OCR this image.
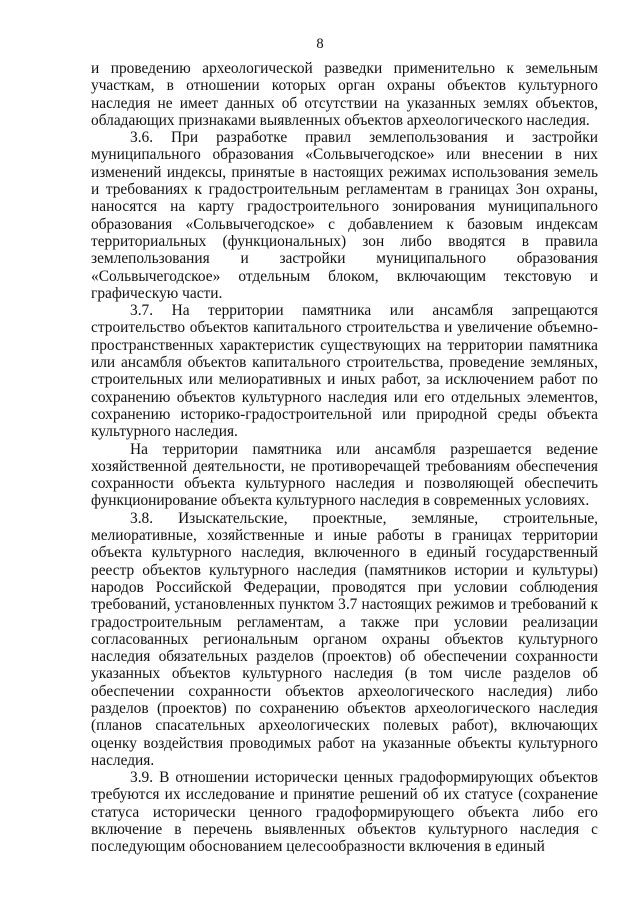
8

и проведению археологической разведки применительно к земельным участкам, в отношении которых орган охраны объектов культурного наследия не имеет данных об отсутствии на указанных землях объектов, обладающих признаками выявленных объектов археологического наследия.

3.6. При разработке правил землепользования и застройки муниципального образования «Сольвычегодское» или внесении в них изменений индексы, принятые в настоящих режимах использования земель и требованиях к градостроительным регламентам в границах Зон охраны, наносятся на карту градостроительного зонирования муниципального образования «Сольвычегодское» с добавлением к базовым индексам территориальных (функциональных) зон либо вводятся в правила землепользования и застройки муниципального образования «Сольвычегодское» отдельным блоком, включающим текстовую и графическую части.

3.7. На территории памятника или ансамбля запрещаются строительство объектов капитального строительства и увеличение объемно-пространственных характеристик существующих на территории памятника или ансамбля объектов капитального строительства, проведение земляных, строительных или мелиоративных и иных работ, за исключением работ по сохранению объектов культурного наследия или его отдельных элементов, сохранению историко-градостроительной или природной среды объекта культурного наследия.

На территории памятника или ансамбля разрешается ведение хозяйственной деятельности, не противоречащей требованиям обеспечения сохранности объекта культурного наследия и позволяющей обеспечить функционирование объекта культурного наследия в современных условиях.

3.8. Изыскательские, проектные, земляные, строительные, мелиоративные, хозяйственные и иные работы в границах территории объекта культурного наследия, включенного в единый государственный реестр объектов культурного наследия (памятников истории и культуры) народов Российской Федерации, проводятся при условии соблюдения требований, установленных пунктом 3.7 настоящих режимов и требований к градостроительным регламентам, а также при условии реализации согласованных региональным органом охраны объектов культурного наследия обязательных разделов (проектов) об обеспечении сохранности указанных объектов культурного наследия (в том числе разделов об обеспечении сохранности объектов археологического наследия) либо разделов (проектов) по сохранению объектов археологического наследия (планов спасательных археологических полевых работ), включающих оценку воздействия проводимых работ на указанные объекты культурного наследия.

3.9. В отношении исторически ценных градоформирующих объектов требуются их исследование и принятие решений об их статусе (сохранение статуса исторически ценного градоформирующего объекта либо его включение в перечень выявленных объектов культурного наследия с последующим обоснованием целесообразности включения в единый
